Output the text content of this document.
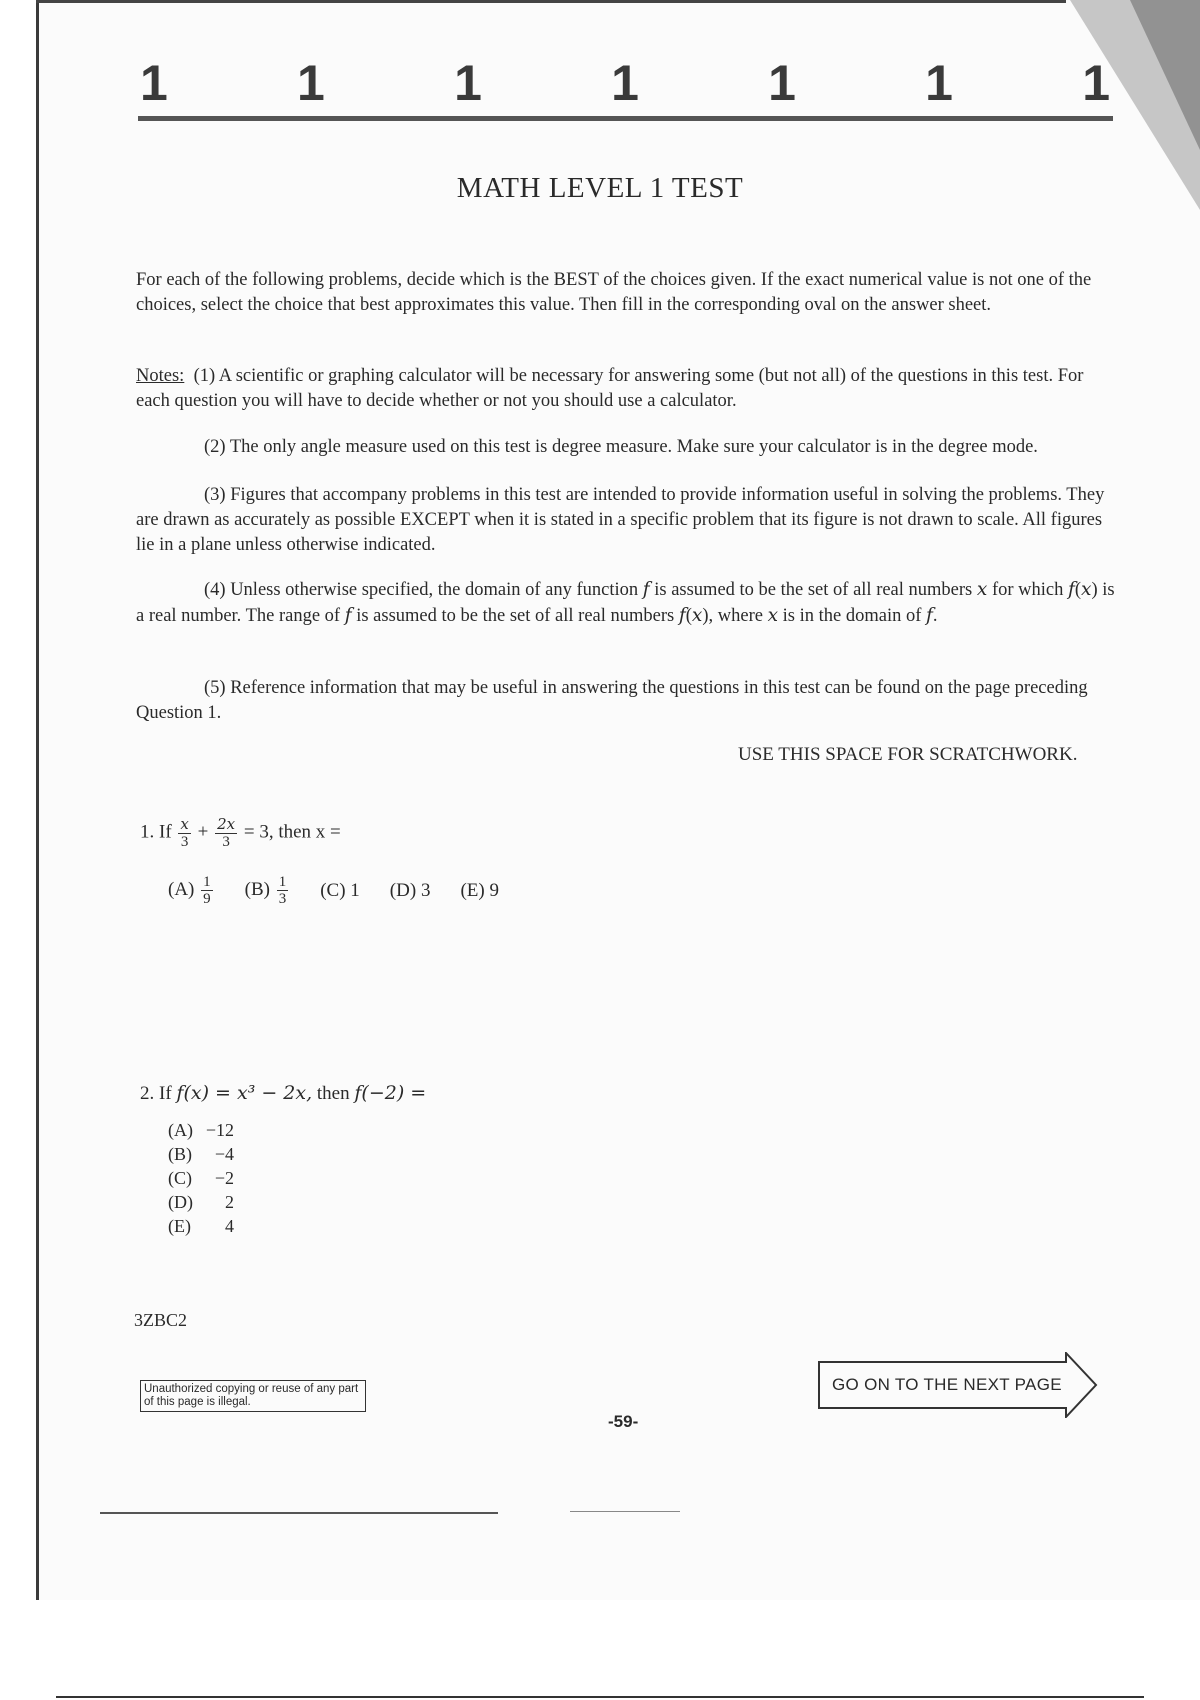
1	1	1	1	1	1	1
MATH LEVEL 1 TEST
For each of the following problems, decide which is the BEST of the choices given. If the exact numerical value is not one of the choices, select the choice that best approximates this value. Then fill in the corresponding oval on the answer sheet.
Notes: (1) A scientific or graphing calculator will be necessary for answering some (but not all) of the questions in this test. For each question you will have to decide whether or not you should use a calculator.
(2) The only angle measure used on this test is degree measure. Make sure your calculator is in the degree mode.
(3) Figures that accompany problems in this test are intended to provide information useful in solving the problems. They are drawn as accurately as possible EXCEPT when it is stated in a specific problem that its figure is not drawn to scale. All figures lie in a plane unless otherwise indicated.
(4) Unless otherwise specified, the domain of any function f is assumed to be the set of all real numbers x for which f(x) is a real number. The range of f is assumed to be the set of all real numbers f(x), where x is in the domain of f.
(5) Reference information that may be useful in answering the questions in this test can be found on the page preceding Question 1.
USE THIS SPACE FOR SCRATCHWORK.
1. If $\frac{x}{3} + \frac{2x}{3} = 3$, then x =
$(A) \frac{1}{9} (B) \frac{1}{3} (C)$ 1 (D) 3 (E) 9
2. If f(x) = x³ − 2x, then f(−2) =
(A) −12
(B)	−4
(C)	−2
(D)	2
(E)	4
3ZBC2
Unauthorized copying or reuse of any part of this page is illegal.
-59-
GO ON TO THE NEXT PAGE
